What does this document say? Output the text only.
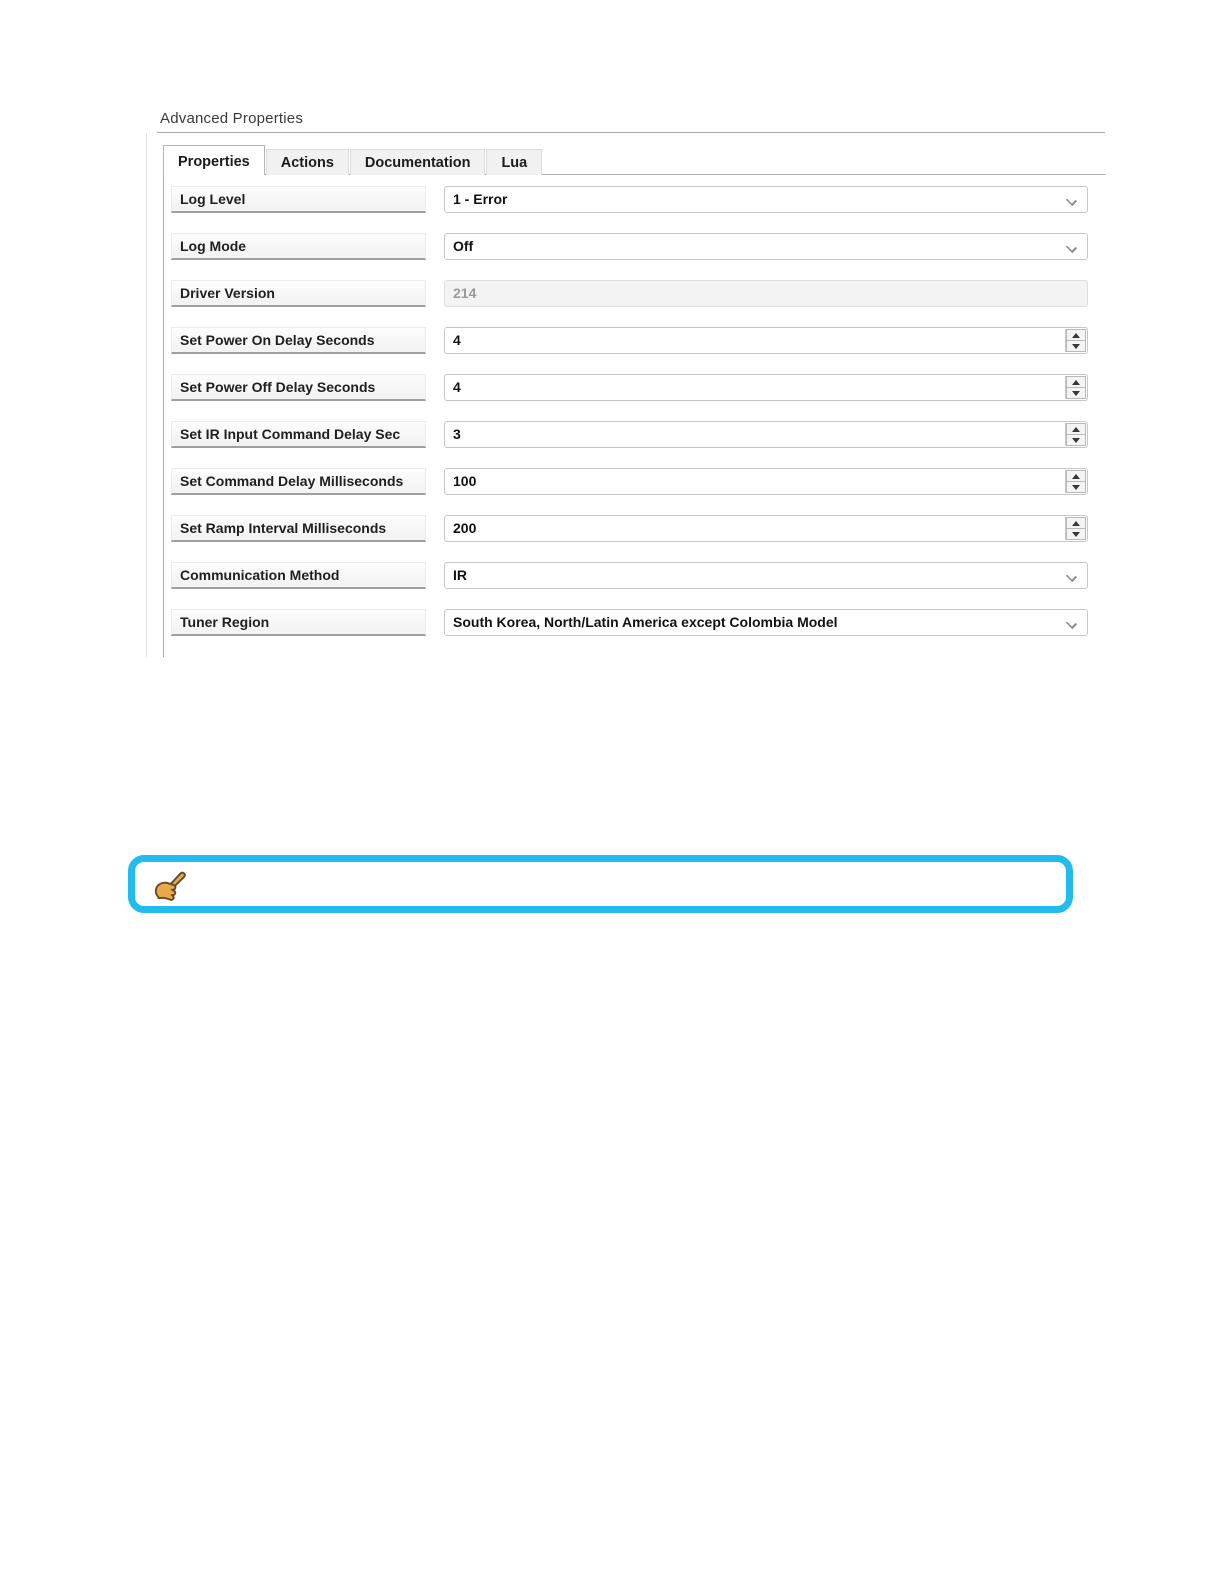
Advanced Properties
Properties	Actions	Documentation	Lua
Log Level	1 - Error
Log Mode	Off
Driver Version	214
Set Power On Delay Seconds	4
Set Power Off Delay Seconds	4
Set IR Input Command Delay Sec	3
Set Command Delay Milliseconds	100
Set Ramp Interval Milliseconds	200
Communication Method	IR
Tuner Region	South Korea, North/Latin America except Colombia Model
